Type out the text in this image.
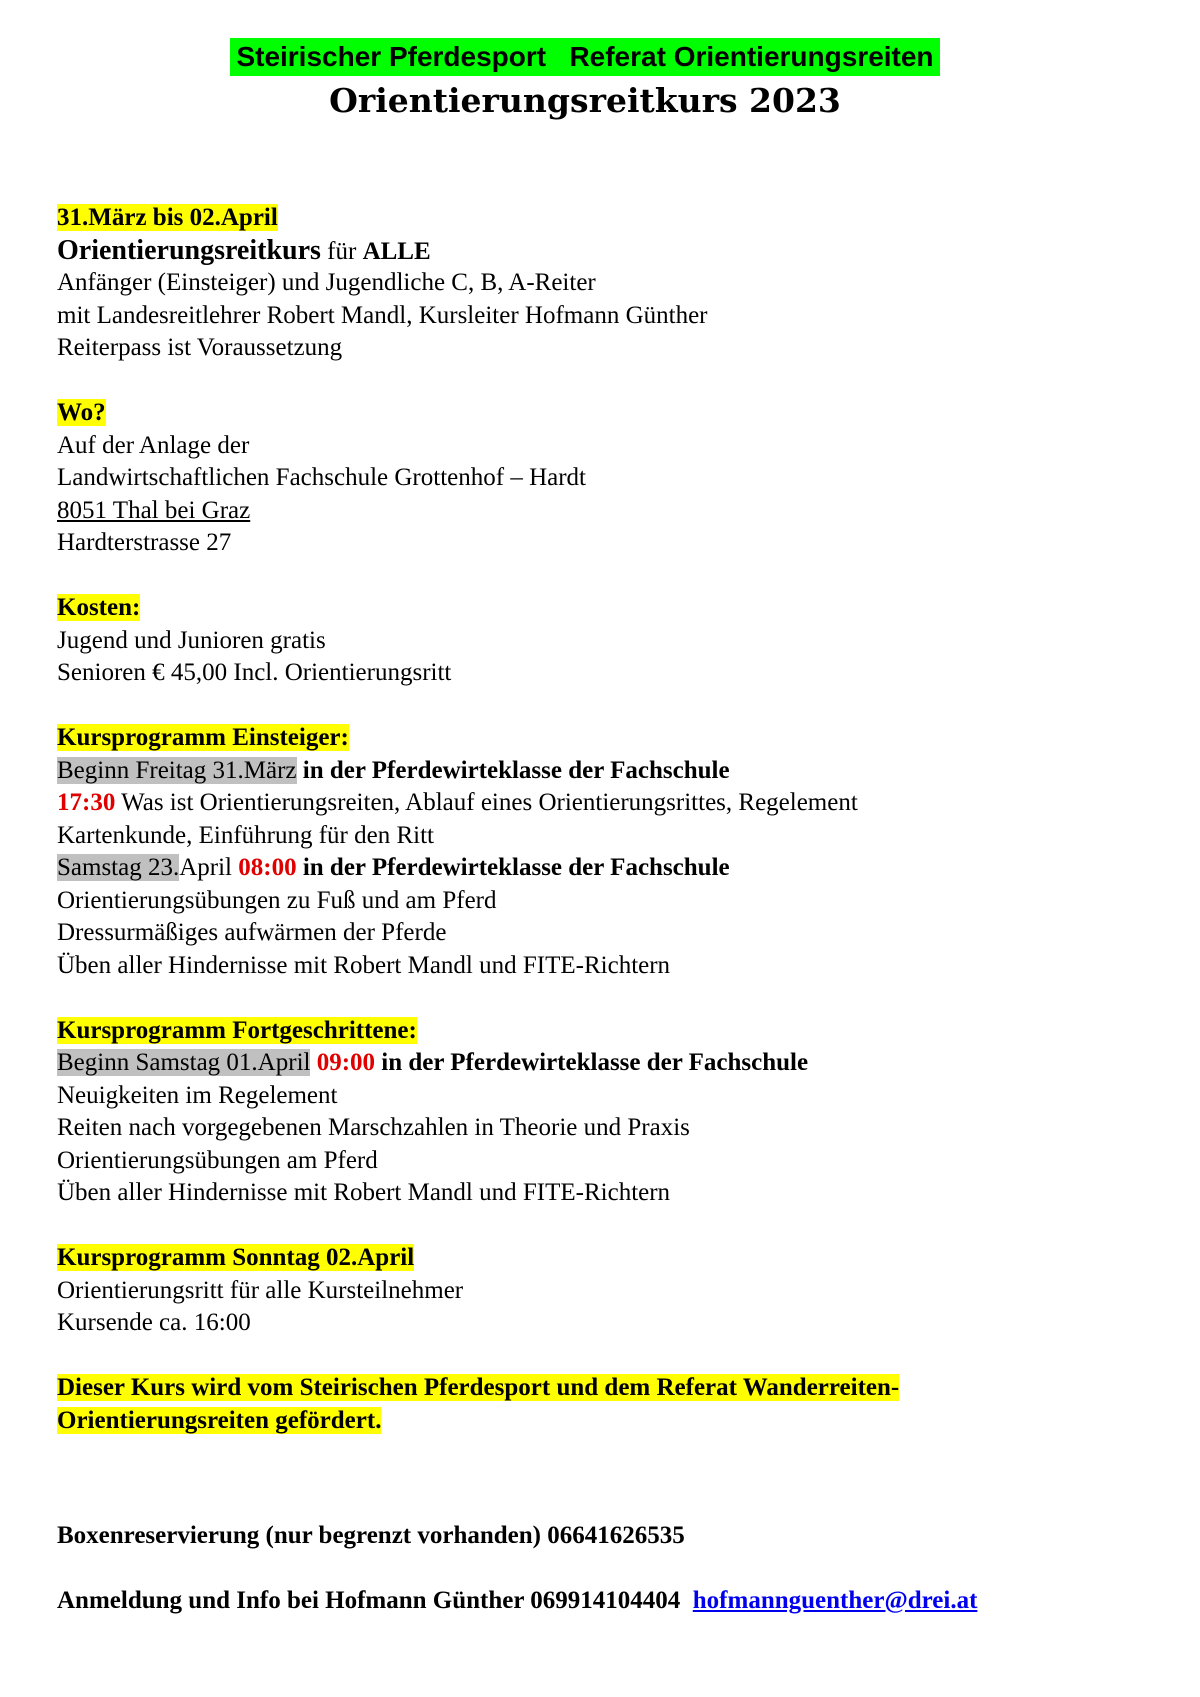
Steirischer Pferdesport   Referat Orientierungsreiten
Orientierungsreitkurs 2023
31.März bis 02.April
Orientierungsreitkurs für ALLE
Anfänger (Einsteiger) und Jugendliche C, B, A-Reiter
mit Landesreitlehrer Robert Mandl, Kursleiter Hofmann Günther
Reiterpass ist Voraussetzung
Wo?
Auf der Anlage der
Landwirtschaftlichen Fachschule Grottenhof – Hardt
8051 Thal bei Graz
Hardterstrasse 27
Kosten:
Jugend und Junioren gratis
Senioren € 45,00 Incl. Orientierungsritt
Kursprogramm Einsteiger:
Beginn Freitag 31.März in der Pferdewirteklasse der Fachschule
17:30 Was ist Orientierungsreiten, Ablauf eines Orientierungsrittes, Regelement
Kartenkunde, Einführung für den Ritt
Samstag 23.April 08:00 in der Pferdewirteklasse der Fachschule
Orientierungsübungen zu Fuß und am Pferd
Dressurmäßiges aufwärmen der Pferde
Üben aller Hindernisse mit Robert Mandl und FITE-Richtern
Kursprogramm Fortgeschrittene:
Beginn Samstag 01.April 09:00 in der Pferdewirteklasse der Fachschule
Neuigkeiten im Regelement
Reiten nach vorgegebenen Marschzahlen in Theorie und Praxis
Orientierungsübungen am Pferd
Üben aller Hindernisse mit Robert Mandl und FITE-Richtern
Kursprogramm Sonntag 02.April
Orientierungsritt für alle Kursteilnehmer
Kursende ca. 16:00
Dieser Kurs wird vom Steirischen Pferdesport und dem Referat Wanderreiten-
Orientierungsreiten gefördert.
Boxenreservierung (nur begrenzt vorhanden) 06641626535
Anmeldung und Info bei Hofmann Günther 069914104404 hofmannguenther@drei.at
